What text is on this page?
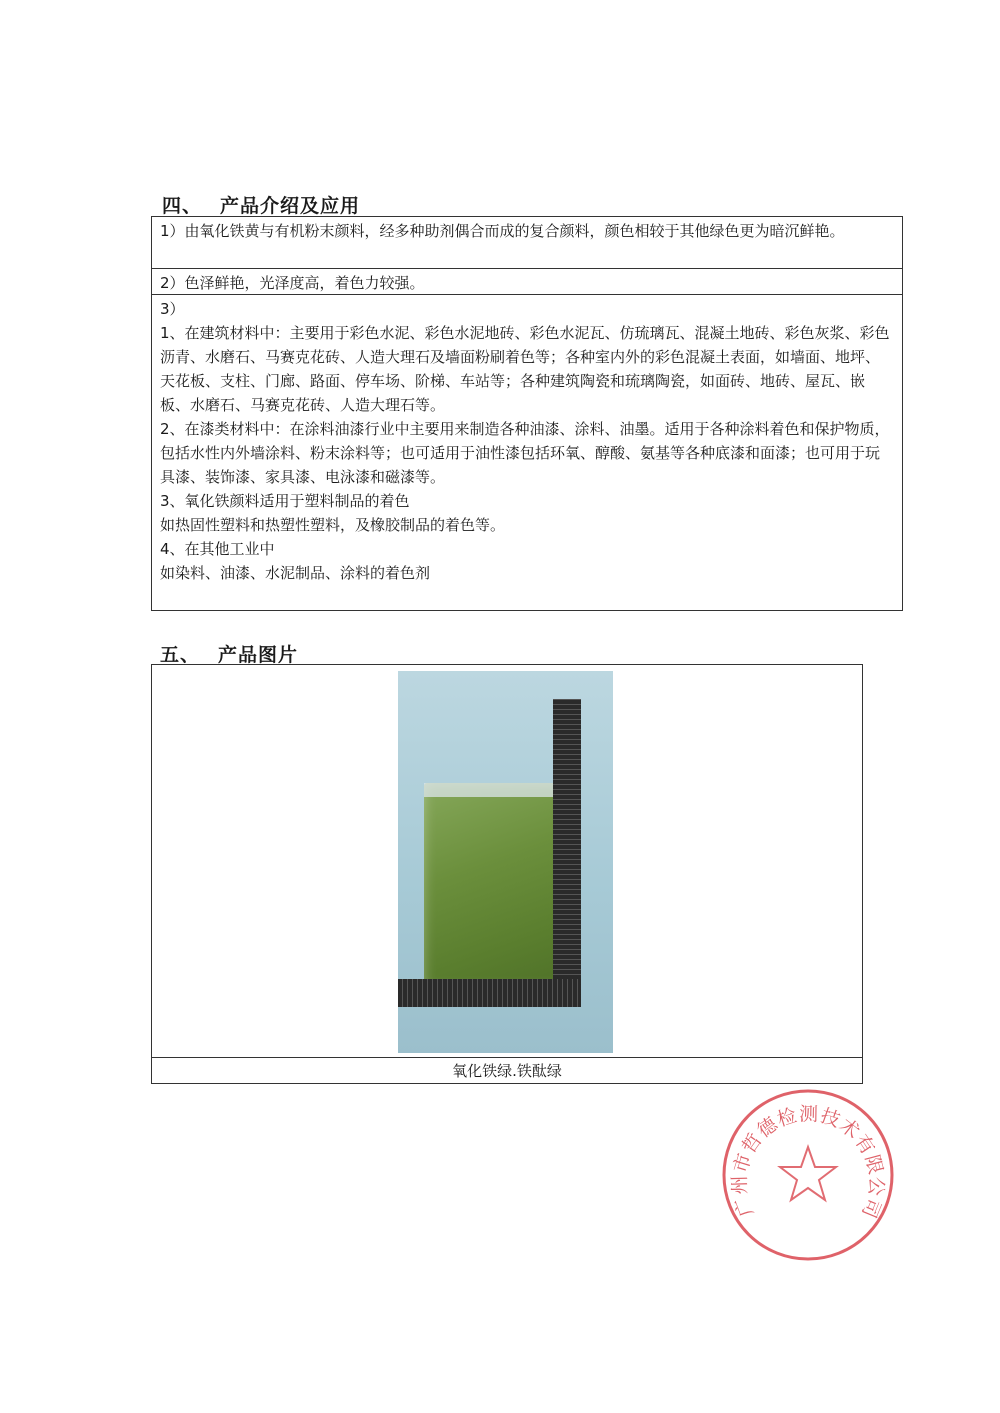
四、 产品介绍及应用

1）由氧化铁黄与有机粉末颜料，经多种助剂偶合而成的复合颜料，颜色相较于其他绿色更为暗沉鲜艳。

2）色泽鲜艳，光泽度高，着色力较强。

3）

1、在建筑材料中：主要用于彩色水泥、彩色水泥地砖、彩色水泥瓦、仿琉璃瓦、混凝土地砖、彩色灰浆、彩色沥青、水磨石、马赛克花砖、人造大理石及墙面粉刷着色等；各种室内外的彩色混凝土表面，如墙面、地坪、天花板、支柱、门廊、路面、停车场、阶梯、车站等；各种建筑陶瓷和琉璃陶瓷，如面砖、地砖、屋瓦、嵌板、水磨石、马赛克花砖、人造大理石等。

2、在漆类材料中：在涂料油漆行业中主要用来制造各种油漆、涂料、油墨。适用于各种涂料着色和保护物质，包括水性内外墙涂料、粉末涂料等；也可适用于油性漆包括环氧、醇酸、氨基等各种底漆和面漆；也可用于玩具漆、装饰漆、家具漆、电泳漆和磁漆等。

3、氧化铁颜料适用于塑料制品的着色

如热固性塑料和热塑性塑料，及橡胶制品的着色等。

4、在其他工业中

如染料、油漆、水泥制品、涂料的着色剂

五、 产品图片
氧化铁绿.铁酞绿
广州市哲德检测技术有限公司
